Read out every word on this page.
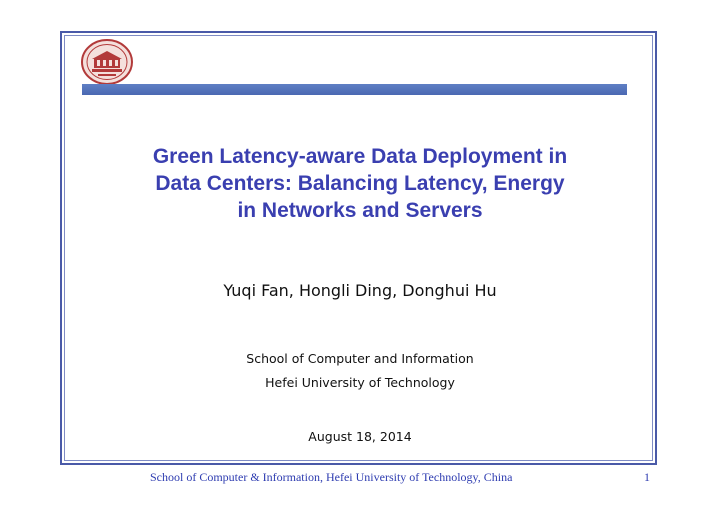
Green Latency-aware Data Deployment in
Data Centers: Balancing Latency, Energy
in Networks and Servers
Yuqi Fan, Hongli Ding, Donghui Hu
School of Computer and Information
Hefei University of Technology
August 18, 2014
School of Computer & Information, Hefei University of Technology, China	1
